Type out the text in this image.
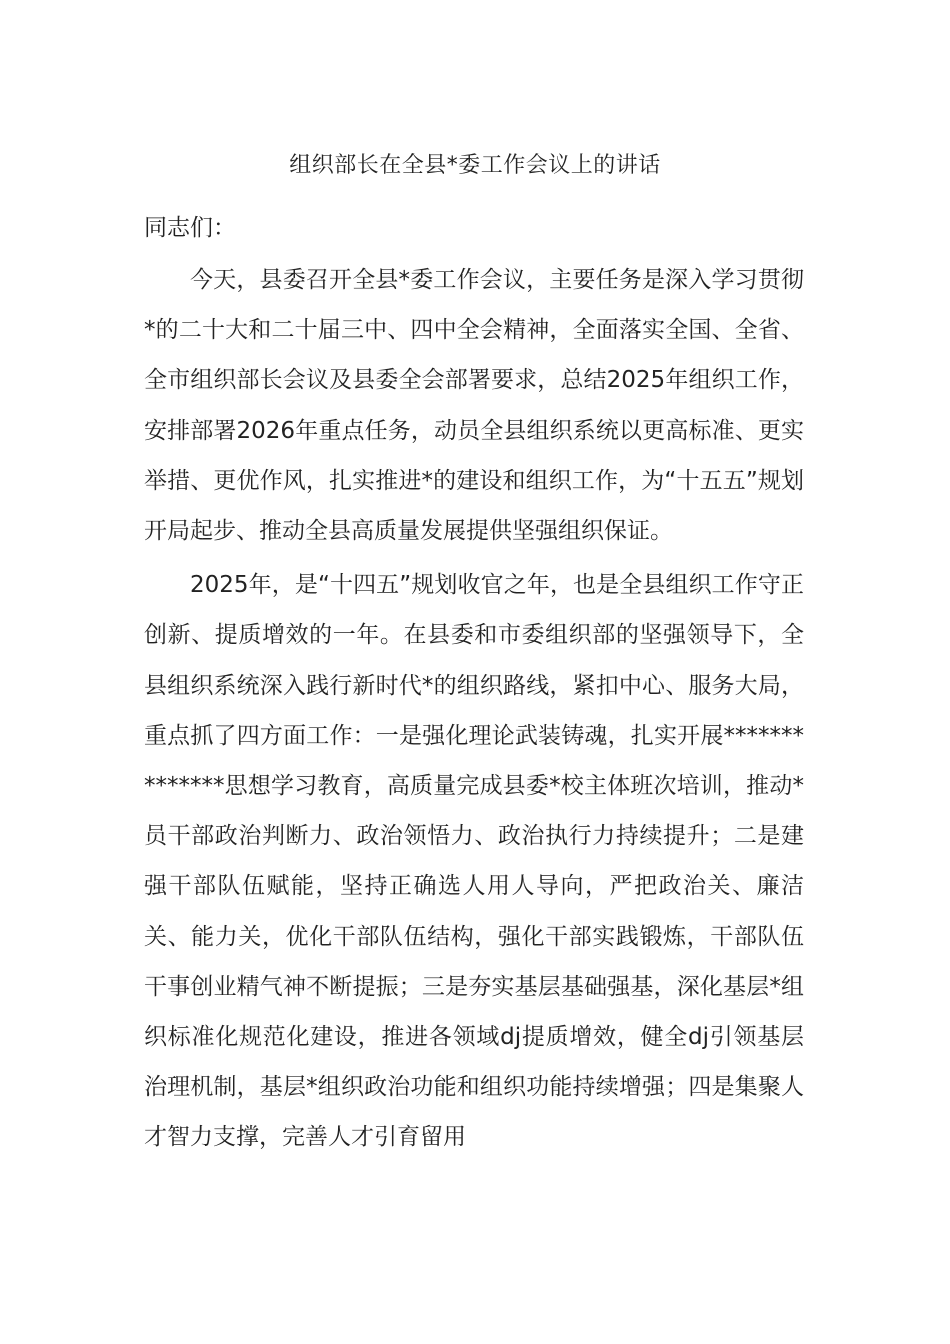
组织部长在全县*委工作会议上的讲话

同志们：

今天，县委召开全县*委工作会议，主要任务是深入学习贯彻*的二十大和二十届三中、四中全会精神，全面落实全国、全省、全市组织部长会议及县委全会部署要求，总结2025年组织工作，安排部署2026年重点任务，动员全县组织系统以更高标准、更实举措、更优作风，扎实推进*的建设和组织工作，为“十五五”规划开局起步、推动全县高质量发展提供坚强组织保证。

2025年，是“十四五”规划收官之年，也是全县组织工作守正创新、提质增效的一年。在县委和市委组织部的坚强领导下，全县组织系统深入践行新时代*的组织路线，紧扣中心、服务大局，重点抓了四方面工作：一是强化理论武装铸魂，扎实开展**************思想学习教育，高质量完成县委*校主体班次培训，推动*员干部政治判断力、政治领悟力、政治执行力持续提升；二是建强干部队伍赋能，坚持正确选人用人导向，严把政治关、廉洁关、能力关，优化干部队伍结构，强化干部实践锻炼，干部队伍干事创业精气神不断提振；三是夯实基层基础强基，深化基层*组织标准化规范化建设，推进各领域dj提质增效，健全dj引领基层治理机制，基层*组织政治功能和组织功能持续增强；四是集聚人才智力支撑，完善人才引育留用
